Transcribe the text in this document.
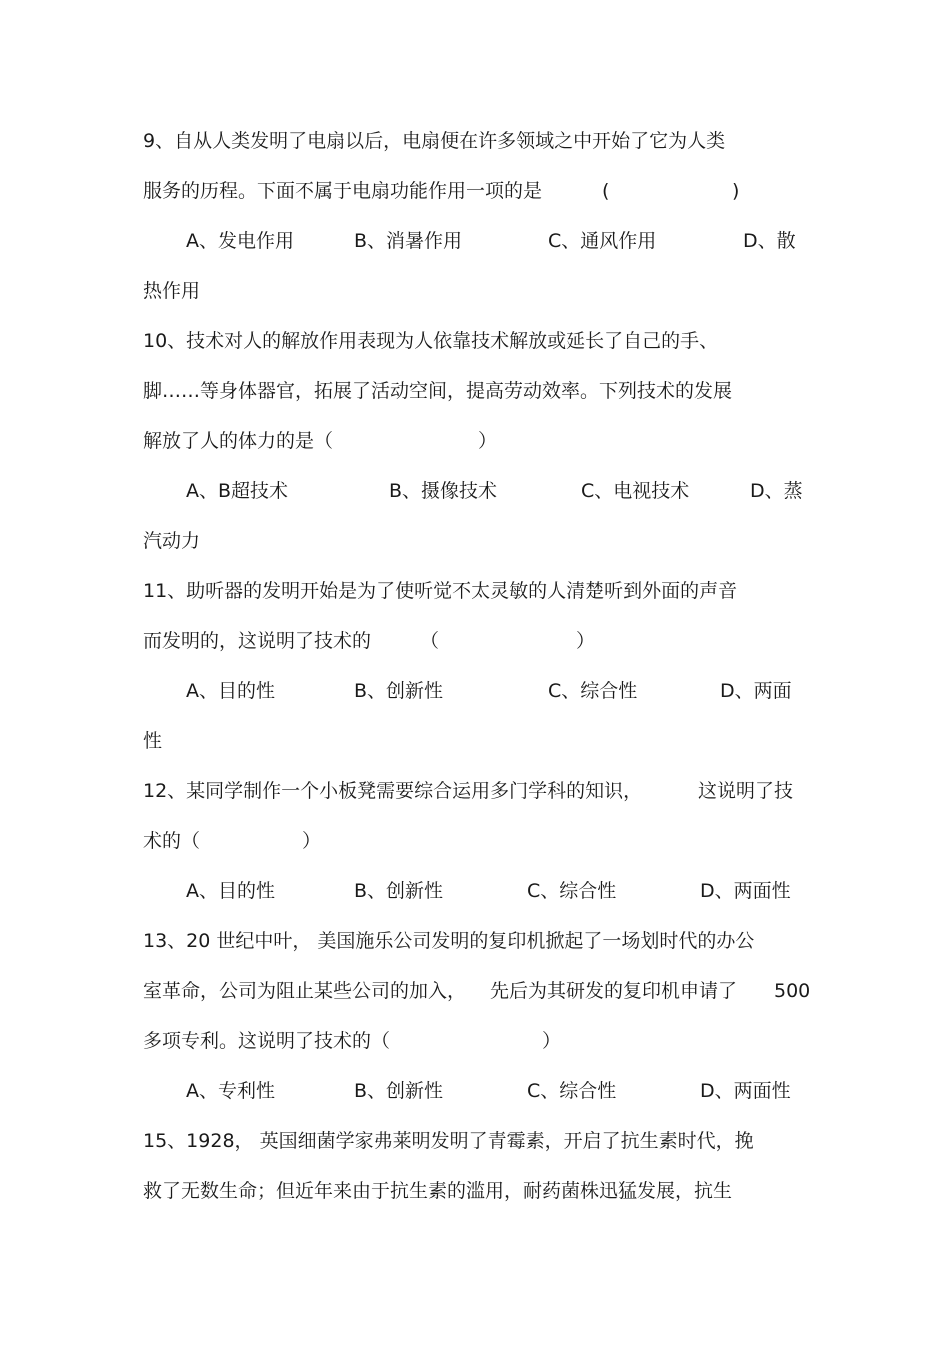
9、自从人类发明了电扇以后，电扇便在许多领域之中开始了它为人类

服务的历程。下面不属于电扇功能作用一项的是

	(

	)

A、发电作用

	B、消暑作用

	C、通风作用

	D、散

热作用

10、技术对人的解放作用表现为人依靠技术解放或延长了自己的手、

脚……等身体器官，拓展了活动空间，提高劳动效率。下列技术的发展

解放了人的体力的是（

	）

A、B超技术

	B、摄像技术

	C、电视技术

	D、蒸

汽动力

11、助听器的发明开始是为了使听觉不太灵敏的人清楚听到外面的声音

而发明的，这说明了技术的

	（

	）

A、目的性

	B、创新性

	C、综合性

	D、两面

性

12、某同学制作一个小板凳需要综合运用多门学科的知识，

	这说明了技

术的（

	）

A、目的性

	B、创新性

	C、综合性

	D、两面性

13、20 世纪中叶， 美国施乐公司发明的复印机掀起了一场划时代的办公

室革命，公司为阻止某些公司的加入，

先后为其研发的复印机申请了

500

多项专利。这说明了技术的（

	）

A、专利性

	B、创新性

	C、综合性

	D、两面性

15、1928， 英国细菌学家弗莱明发明了青霉素，开启了抗生素时代，挽

救了无数生命；但近年来由于抗生素的滥用，耐药菌株迅猛发展，抗生
